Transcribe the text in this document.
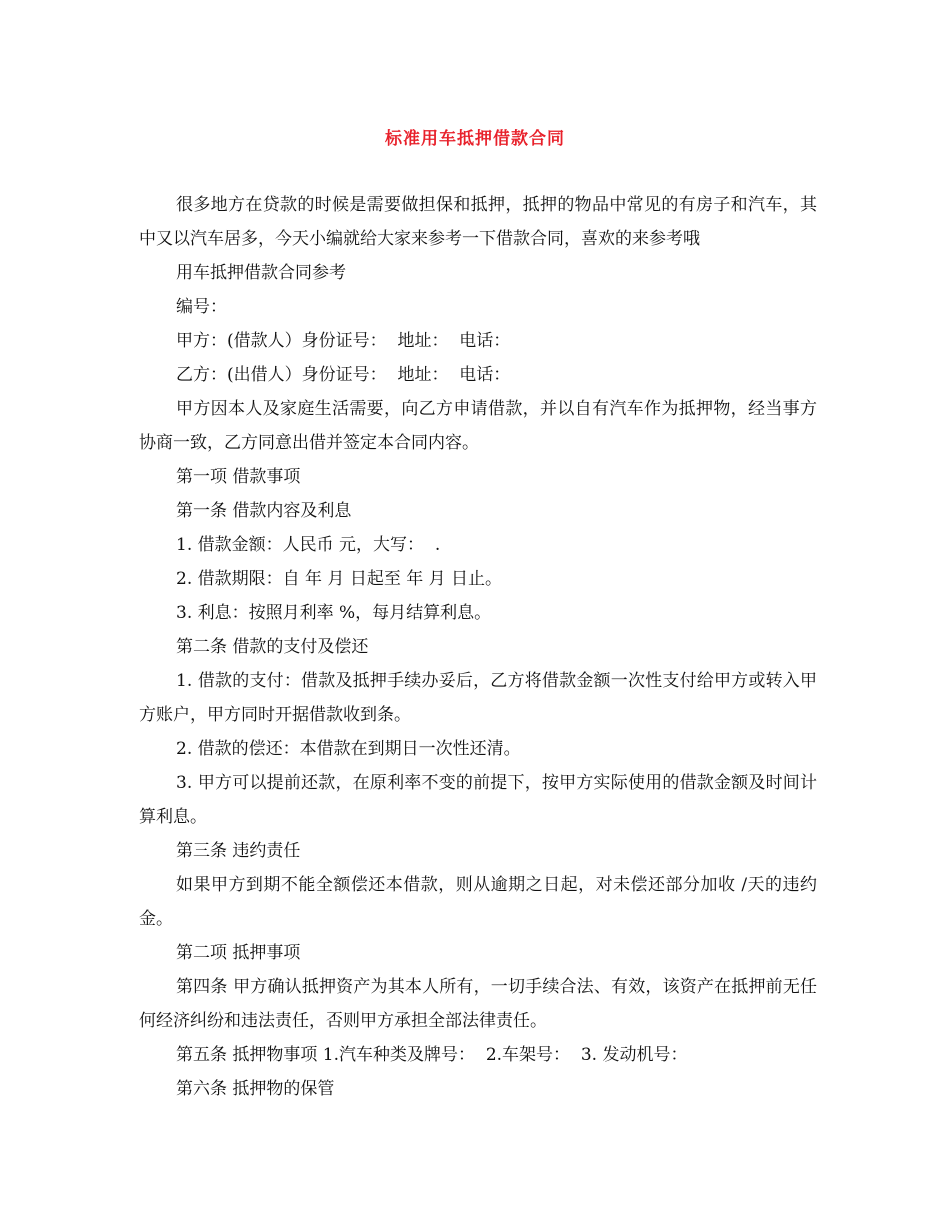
标准用车抵押借款合同

很多地方在贷款的时候是需要做担保和抵押，抵押的物品中常见的有房子和汽车，其中又以汽车居多，今天小编就给大家来参考一下借款合同，喜欢的来参考哦

用车抵押借款合同参考

编号：

甲方：(借款人）身份证号：  地址：  电话：

乙方：(出借人）身份证号：  地址：  电话：

甲方因本人及家庭生活需要，向乙方申请借款，并以自有汽车作为抵押物，经当事方协商一致，乙方同意出借并签定本合同内容。

第一项 借款事项

第一条 借款内容及利息

1. 借款金额：人民币 元，大写：  .

2. 借款期限：自 年 月 日起至 年 月 日止。

3. 利息：按照月利率 %，每月结算利息。

第二条 借款的支付及偿还

1. 借款的支付：借款及抵押手续办妥后，乙方将借款金额一次性支付给甲方或转入甲方账户，甲方同时开据借款收到条。

2. 借款的偿还：本借款在到期日一次性还清。

3. 甲方可以提前还款，在原利率不变的前提下，按甲方实际使用的借款金额及时间计算利息。

第三条 违约责任

如果甲方到期不能全额偿还本借款，则从逾期之日起，对未偿还部分加收 /天的违约金。

第二项 抵押事项

第四条 甲方确认抵押资产为其本人所有，一切手续合法、有效，该资产在抵押前无任何经济纠纷和违法责任，否则甲方承担全部法律责任。

第五条 抵押物事项 1.汽车种类及牌号：  2.车架号：  3. 发动机号：

第六条 抵押物的保管
